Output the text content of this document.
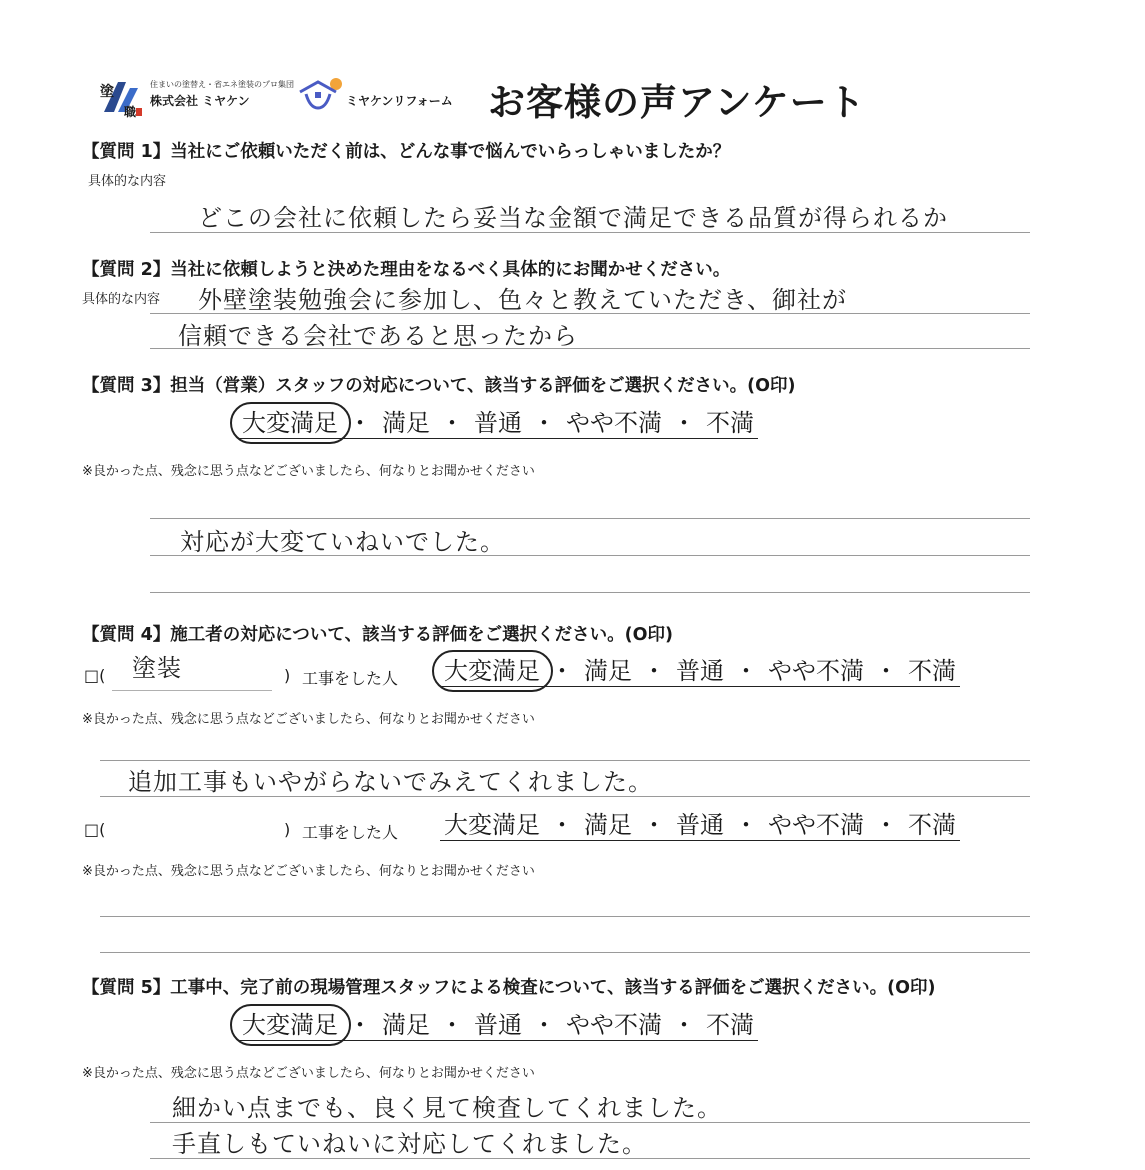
塗
職
住まいの塗替え・省エネ塗装のプロ集団
株式会社 ミヤケン	ミヤケンリフォーム お客様の声アンケート
【質問 1】当社にご依頼いただく前は、どんな事で悩んでいらっしゃいましたか？
具体的な内容
どこの会社に依頼したら妥当な金額で満足できる品質が得られるか
【質問 2】当社に依頼しようと決めた理由をなるべく具体的にお聞かせください。
具体的な内容 外壁塗装勉強会に参加し、色々と教えていただき、御社が
信頼できる会社であると思ったから
【質問 3】担当（営業）スタッフの対応について、該当する評価をご選択ください。(O印)
大変満足 ・ 満足 ・ 普通 ・ やや不満 ・ 不満
※良かった点、残念に思う点などございましたら、何なりとお聞かせください
対応が大変ていねいでした。
【質問 4】施工者の対応について、該当する評価をご選択ください。(O印)
□( 塗装	) 工事をした人 大変満足 ・ 満足 ・ 普通 ・ やや不満 ・ 不満
※良かった点、残念に思う点などございましたら、何なりとお聞かせください
追加工事もいやがらないでみえてくれました。
□(	) 工事をした人 大変満足 ・ 満足 ・ 普通 ・ やや不満 ・ 不満
※良かった点、残念に思う点などございましたら、何なりとお聞かせください
【質問 5】工事中、完了前の現場管理スタッフによる検査について、該当する評価をご選択ください。(O印)
大変満足 ・ 満足 ・ 普通 ・ やや不満 ・ 不満
※良かった点、残念に思う点などございましたら、何なりとお聞かせください
細かい点までも、良く見て検査してくれました。
手直しもていねいに対応してくれました。
